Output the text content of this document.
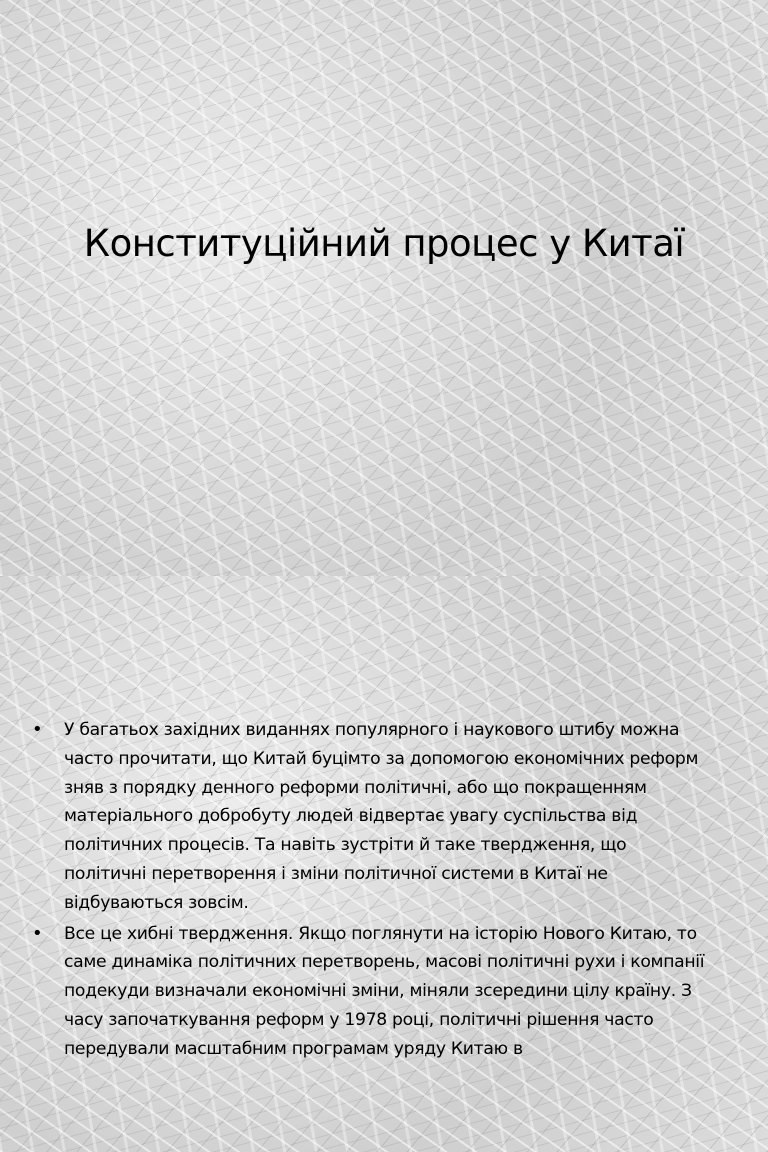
Конституційний процес у Китаї
• У багатьох західних виданнях популярного і наукового штибу можна часто прочитати, що Китай буцімто за допомогою економічних реформ зняв з порядку денного реформи політичні, або що покращенням матеріального добробуту людей відвертає увагу суспільства від політичних процесів. Та навіть зустріти й таке твердження, що політичні перетворення і зміни політичної системи в Китаї не відбуваються зовсім.
• Все це хибні твердження. Якщо поглянути на історію Нового Китаю, то саме динаміка політичних перетворень, масові політичні рухи і компанії подекуди визначали економічні зміни, міняли зсередини цілу країну. З часу започаткування реформ у 1978 році, політичні рішення часто передували масштабним програмам уряду Китаю в
